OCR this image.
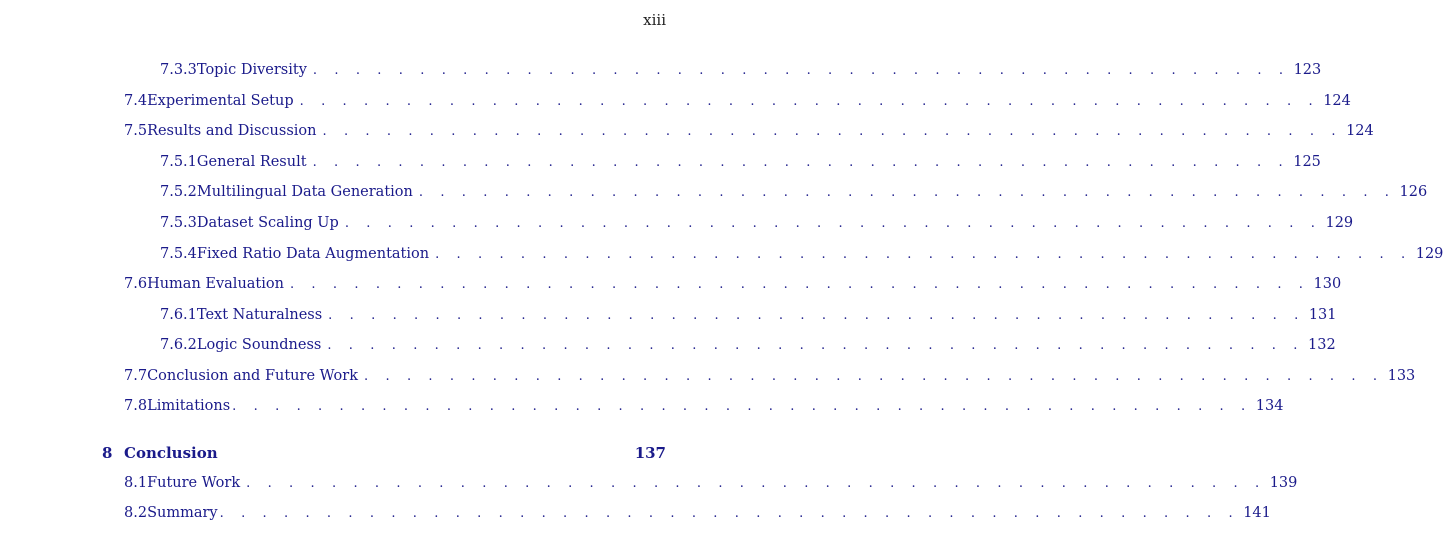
xiii
7.3.3 Topic Diversity . . . . . . . . . . . . . . . . . . . . . . . . . . . . . . . . . . . . . . . . . . . . . . 123
7.4 Experimental Setup . . . . . . . . . . . . . . . . . . . . . . . . . . . . . . . . . . . . . . . . . . . . . . . . 124
7.5 Results and Discussion . . . . . . . . . . . . . . . . . . . . . . . . . . . . . . . . . . . . . . . . . . . . . . . . 124
7.5.1 General Result . . . . . . . . . . . . . . . . . . . . . . . . . . . . . . . . . . . . . . . . . . . . . . 125
7.5.2 Multilingual Data Generation . . . . . . . . . . . . . . . . . . . . . . . . . . . . . . . . . . . . . . . . . . . . . . 126
7.5.3 Dataset Scaling Up . . . . . . . . . . . . . . . . . . . . . . . . . . . . . . . . . . . . . . . . . . . . . . 129
7.5.4 Fixed Ratio Data Augmentation . . . . . . . . . . . . . . . . . . . . . . . . . . . . . . . . . . . . . . . . . . . . . . 129
7.6 Human Evaluation . . . . . . . . . . . . . . . . . . . . . . . . . . . . . . . . . . . . . . . . . . . . . . . . 130
7.6.1 Text Naturalness . . . . . . . . . . . . . . . . . . . . . . . . . . . . . . . . . . . . . . . . . . . . . . 131
7.6.2 Logic Soundness . . . . . . . . . . . . . . . . . . . . . . . . . . . . . . . . . . . . . . . . . . . . . . 132
7.7 Conclusion and Future Work . . . . . . . . . . . . . . . . . . . . . . . . . . . . . . . . . . . . . . . . . . . . . . . . 133
7.8 Limitations . . . . . . . . . . . . . . . . . . . . . . . . . . . . . . . . . . . . . . . . . . . . . . . . 134
8 Conclusion	137
8.1 Future Work . . . . . . . . . . . . . . . . . . . . . . . . . . . . . . . . . . . . . . . . . . . . . . . . 139
8.2 Summary . . . . . . . . . . . . . . . . . . . . . . . . . . . . . . . . . . . . . . . . . . . . . . . . 141
